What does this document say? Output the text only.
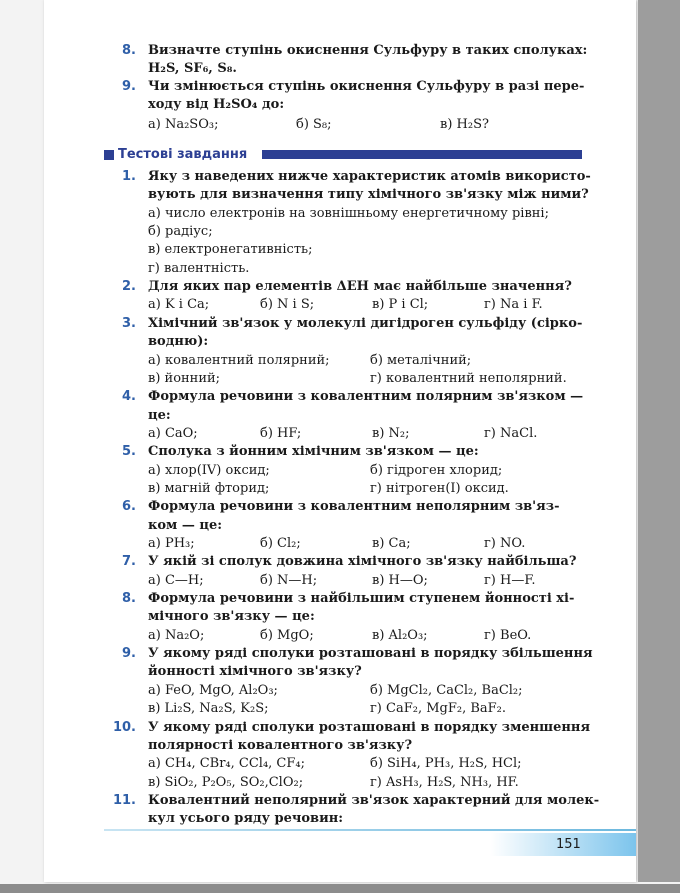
8. Визначте ступінь окиснення Сульфуру в таких сполуках:
H₂S, SF₆, S₈.
9. Чи змінюється ступінь окиснення Сульфуру в разі пере-
ходу від H₂SO₄ до:
а) Na₂SO₃;	б) S₈;	в) H₂S?
Тестові завдання
1. Яку з наведених нижче характеристик атомів використо-
вують для визначення типу хімічного зв'язку між ними?
а) число електронів на зовнішньому енергетичному рівні;
б) радіус;
в) електронегативність;
г) валентність.
2. Для яких пар елементів ΔЕН має найбільше значення?
а) K і Ca;	б) N і S;	в) P і Cl;	г) Na і F.
3. Хімічний зв'язок у молекулі дигідроген сульфіду (сірко-
водню):
а) ковалентний полярний;	б) металічний;
в) йонний;	г) ковалентний неполярний.
4. Формула речовини з ковалентним полярним зв'язком —
це:
а) CaO;	б) HF;	в) N₂;	г) NaCl.
5. Сполука з йонним хімічним зв'язком — це:
а) хлор(IV) оксид;	б) гідроген хлорид;
в) магній фторид;	г) нітроген(I) оксид.
6. Формула речовини з ковалентним неполярним зв'яз-
ком — це:
а) PH₃;	б) Cl₂;	в) Ca;	г) NO.
7. У якій зі сполук довжина хімічного зв'язку найбільша?
а) C—H;	б) N—H;	в) H—O;	г) H—F.
8. Формула речовини з найбільшим ступенем йонності хі-
мічного зв'язку — це:
а) Na₂O;	б) MgO;	в) Al₂O₃;	г) BeO.
9. У якому ряді сполуки розташовані в порядку збільшення
йонності хімічного зв'язку?
а) FeO, MgO, Al₂O₃;	б) MgCl₂, CaCl₂, BaCl₂;
в) Li₂S, Na₂S, K₂S;	г) CaF₂, MgF₂, BaF₂.
10. У якому ряді сполуки розташовані в порядку зменшення
полярності ковалентного зв'язку?
а) CH₄, CBr₄, CCl₄, CF₄;	б) SiH₄, PH₃, H₂S, HCl;
в) SiO₂, P₂O₅, SO₂,ClO₂;	г) AsH₃, H₂S, NH₃, HF.
11. Ковалентний неполярний зв'язок характерний для молек-
кул усього ряду речовин:
151
